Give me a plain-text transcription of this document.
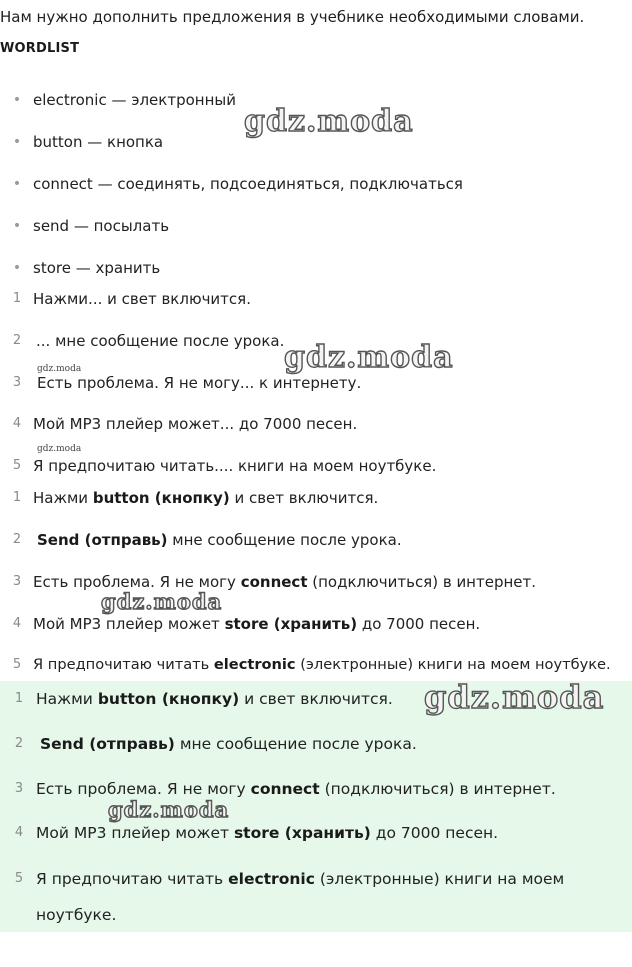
Нам нужно дополнить предложения в учебнике необходимыми словами.
WORDLIST
• electronic — электронный
• button — кнопка
• connect — соединять, подсоединяться, подключаться
• send — посылать
• store — хранить
1 Нажми... и свет включится.
2 ... мне сообщение после урока.
3 Есть проблема. Я не могу... к интернету.
4 Мой MP3 плейер может... до 7000 песен.
5 Я предпочитаю читать.... книги на моем ноутбуке.
1 Нажми button (кнопку) и свет включится.
2 Send (отправь) мне сообщение после урока.
3 Есть проблема. Я не могу connect (подключиться) в интернет.
4 Мой MP3 плейер может store (хранить) до 7000 песен.
5 Я предпочитаю читать electronic (электронные) книги на моем ноутбуке.
1 Нажми button (кнопку) и свет включится.
2 Send (отправь) мне сообщение после урока.
3 Есть проблема. Я не могу connect (подключиться) в интернет.
4 Мой MP3 плейер может store (хранить) до 7000 песен.
5 Я предпочитаю читать electronic (электронные) книги на моем ноутбуке.
gdz.moda
gdz.moda
gdz.moda
gdz.moda
gdz.moda
gdz.moda
gdz.moda
